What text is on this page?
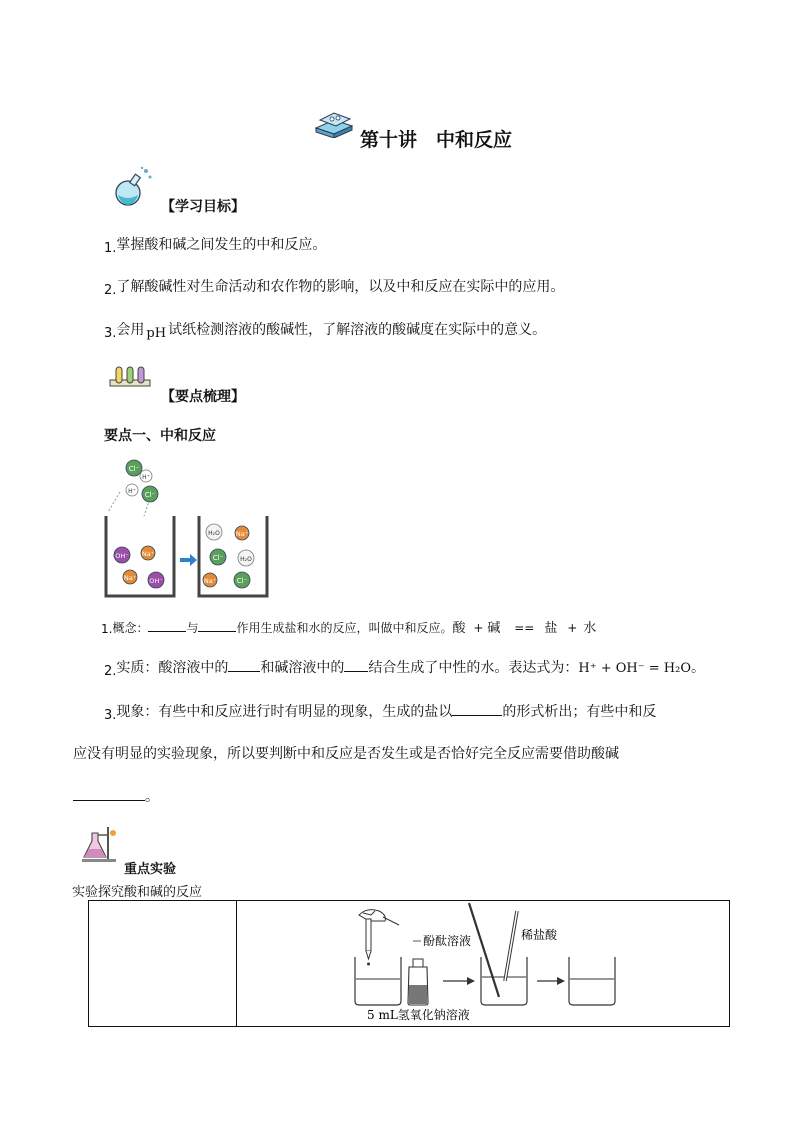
第十讲　中和反应
【学习目标】
1.掌握酸和碱之间发生的中和反应。
2.了解酸碱性对生命活动和农作物的影响，以及中和反应在实际中的应用。
3.会用 pH 试纸检测溶液的酸碱性，了解溶液的酸碱度在实际中的意义。
【要点梳理】
要点一、中和反应
Cl⁻
H⁺
H⁺ Cl⁻
OH⁻ Na⁺
Na⁺ OH⁻
H₂O Na⁺
Cl⁻	H₂O
Na⁺	Cl⁻
1.概念：	与	作用生成盐和水的反应，叫做中和反应。酸 + 碱 == 盐 + 水
2.实质：酸溶液中的 和碱溶液中的 结合生成了中性的水。表达式为：H⁺ + OH⁻ = H₂O。
3.现象：有些中和反应进行时有明显的现象，生成的盐以	的形式析出；有些中和反
应没有明显的实验现象，所以要判断中和反应是否发生或是否恰好完全反应需要借助酸碱
。
重点实验
实验探究酸和碱的反应

酚酞溶液	稀盐酸
5 mL氢氧化钠溶液
